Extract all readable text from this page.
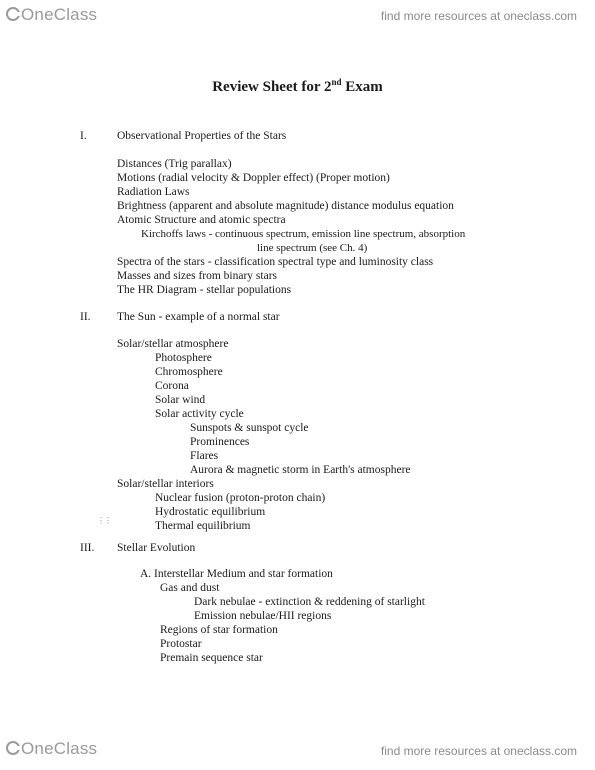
OneClass	find more resources at oneclass.com
Review Sheet for 2nd Exam
I.	Observational Properties of the Stars
Distances (Trig parallax)
Motions (radial velocity & Doppler effect) (Proper motion)
Radiation Laws
Brightness (apparent and absolute magnitude) distance modulus equation
Atomic Structure and atomic spectra
Kirchoffs laws - continuous spectrum, emission line spectrum, absorption
line spectrum (see Ch. 4)
Spectra of the stars - classification spectral type and luminosity class
Masses and sizes from binary stars
The HR Diagram - stellar populations
II. The Sun - example of a normal star
Solar/stellar atmosphere
Photosphere
Chromosphere
Corona
Solar wind
Solar activity cycle
Sunspots & sunspot cycle
Prominences
Flares
Aurora & magnetic storm in Earth's atmosphere
Solar/stellar interiors
Nuclear fusion (proton-proton chain)
Hydrostatic equilibrium
Thermal equilibrium
⋮⋮
III. Stellar Evolution
A. Interstellar Medium and star formation
Gas and dust
Dark nebulae - extinction & reddening of starlight
Emission nebulae/HII regions
Regions of star formation
Protostar
Premain sequence star
OneClass	find more resources at oneclass.com
